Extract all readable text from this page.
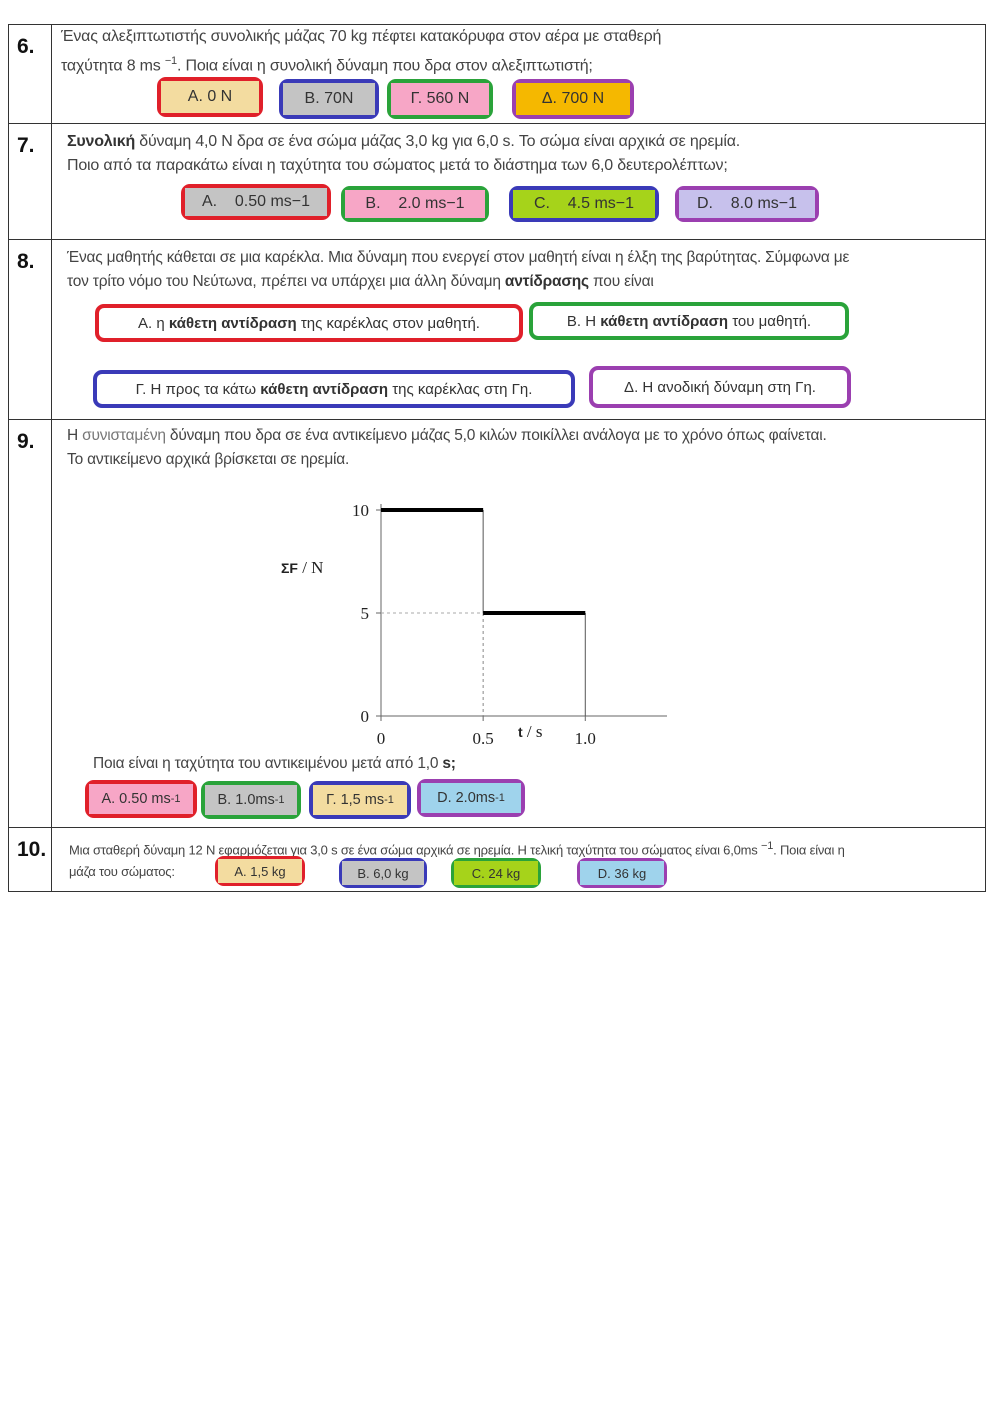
6. Ένας αλεξιπτωτιστής συνολικής μάζας 70 kg πέφτει κατακόρυφα στον αέρα με σταθερή
ταχύτητα 8 ms $^{-1}$. Ποια είναι η συνολική δύναμη που δρα στον αλεξιπτωτιστή;
Α. 0 Ν	Β. 70Ν	Γ. 560 Ν	Δ. 700 Ν
7. Συνολική δύναμη 4,0 N δρα σε ένα σώμα μάζας 3,0 kg για 6,0 s. Το σώμα είναι αρχικά σε ηρεμία.
Ποιο από τα παρακάτω είναι η ταχύτητα του σώματος μετά το διάστημα των 6,0 δευτερολέπτων;
A.    0.50 ms−1	B.    2.0 ms−1	C.    4.5 ms−1	D.    8.0 ms−1
8. Ένας μαθητής κάθεται σε μια καρέκλα. Μια δύναμη που ενεργεί στον μαθητή είναι η έλξη της βαρύτητας. Σύμφωνα με
τον τρίτο νόμο του Νεύτωνα, πρέπει να υπάρχει μια άλλη δύναμη αντίδρασης που είναι
Α. η κάθετη αντίδραση της καρέκλας στον μαθητή.	Β. Η κάθετη αντίδραση του μαθητή.
Γ. Η προς τα κάτω κάθετη αντίδραση της καρέκλας στη Γη.	Δ. Η ανοδική δύναμη στη Γη.
9. Η συνισταμένη δύναμη που δρα σε ένα αντικείμενο μάζας 5,0 κιλών ποικίλλει ανάλογα με το χρόνο όπως φαίνεται.
Το αντικείμενο αρχικά βρίσκεται σε ηρεμία.
ΣF / N
t / s
0
5
10
0	0.5	1.0
Ποια είναι η ταχύτητα του αντικειμένου μετά από 1,0 s;
Α. 0.50 ms -1	Β. 1.0ms -1	Γ. 1,5 ms -1	D. 2.0ms -1
10. Μια σταθερή δύναμη 12 N εφαρμόζεται για 3,0 s σε ένα σώμα αρχικά σε ηρεμία. Η τελική ταχύτητα του σώματος είναι 6,0ms $^{-1}$. Ποια είναι η
μάζα του σώματος:	A. 1,5 kg	B. 6,0 kg	C. 24 kg	D. 36 kg
